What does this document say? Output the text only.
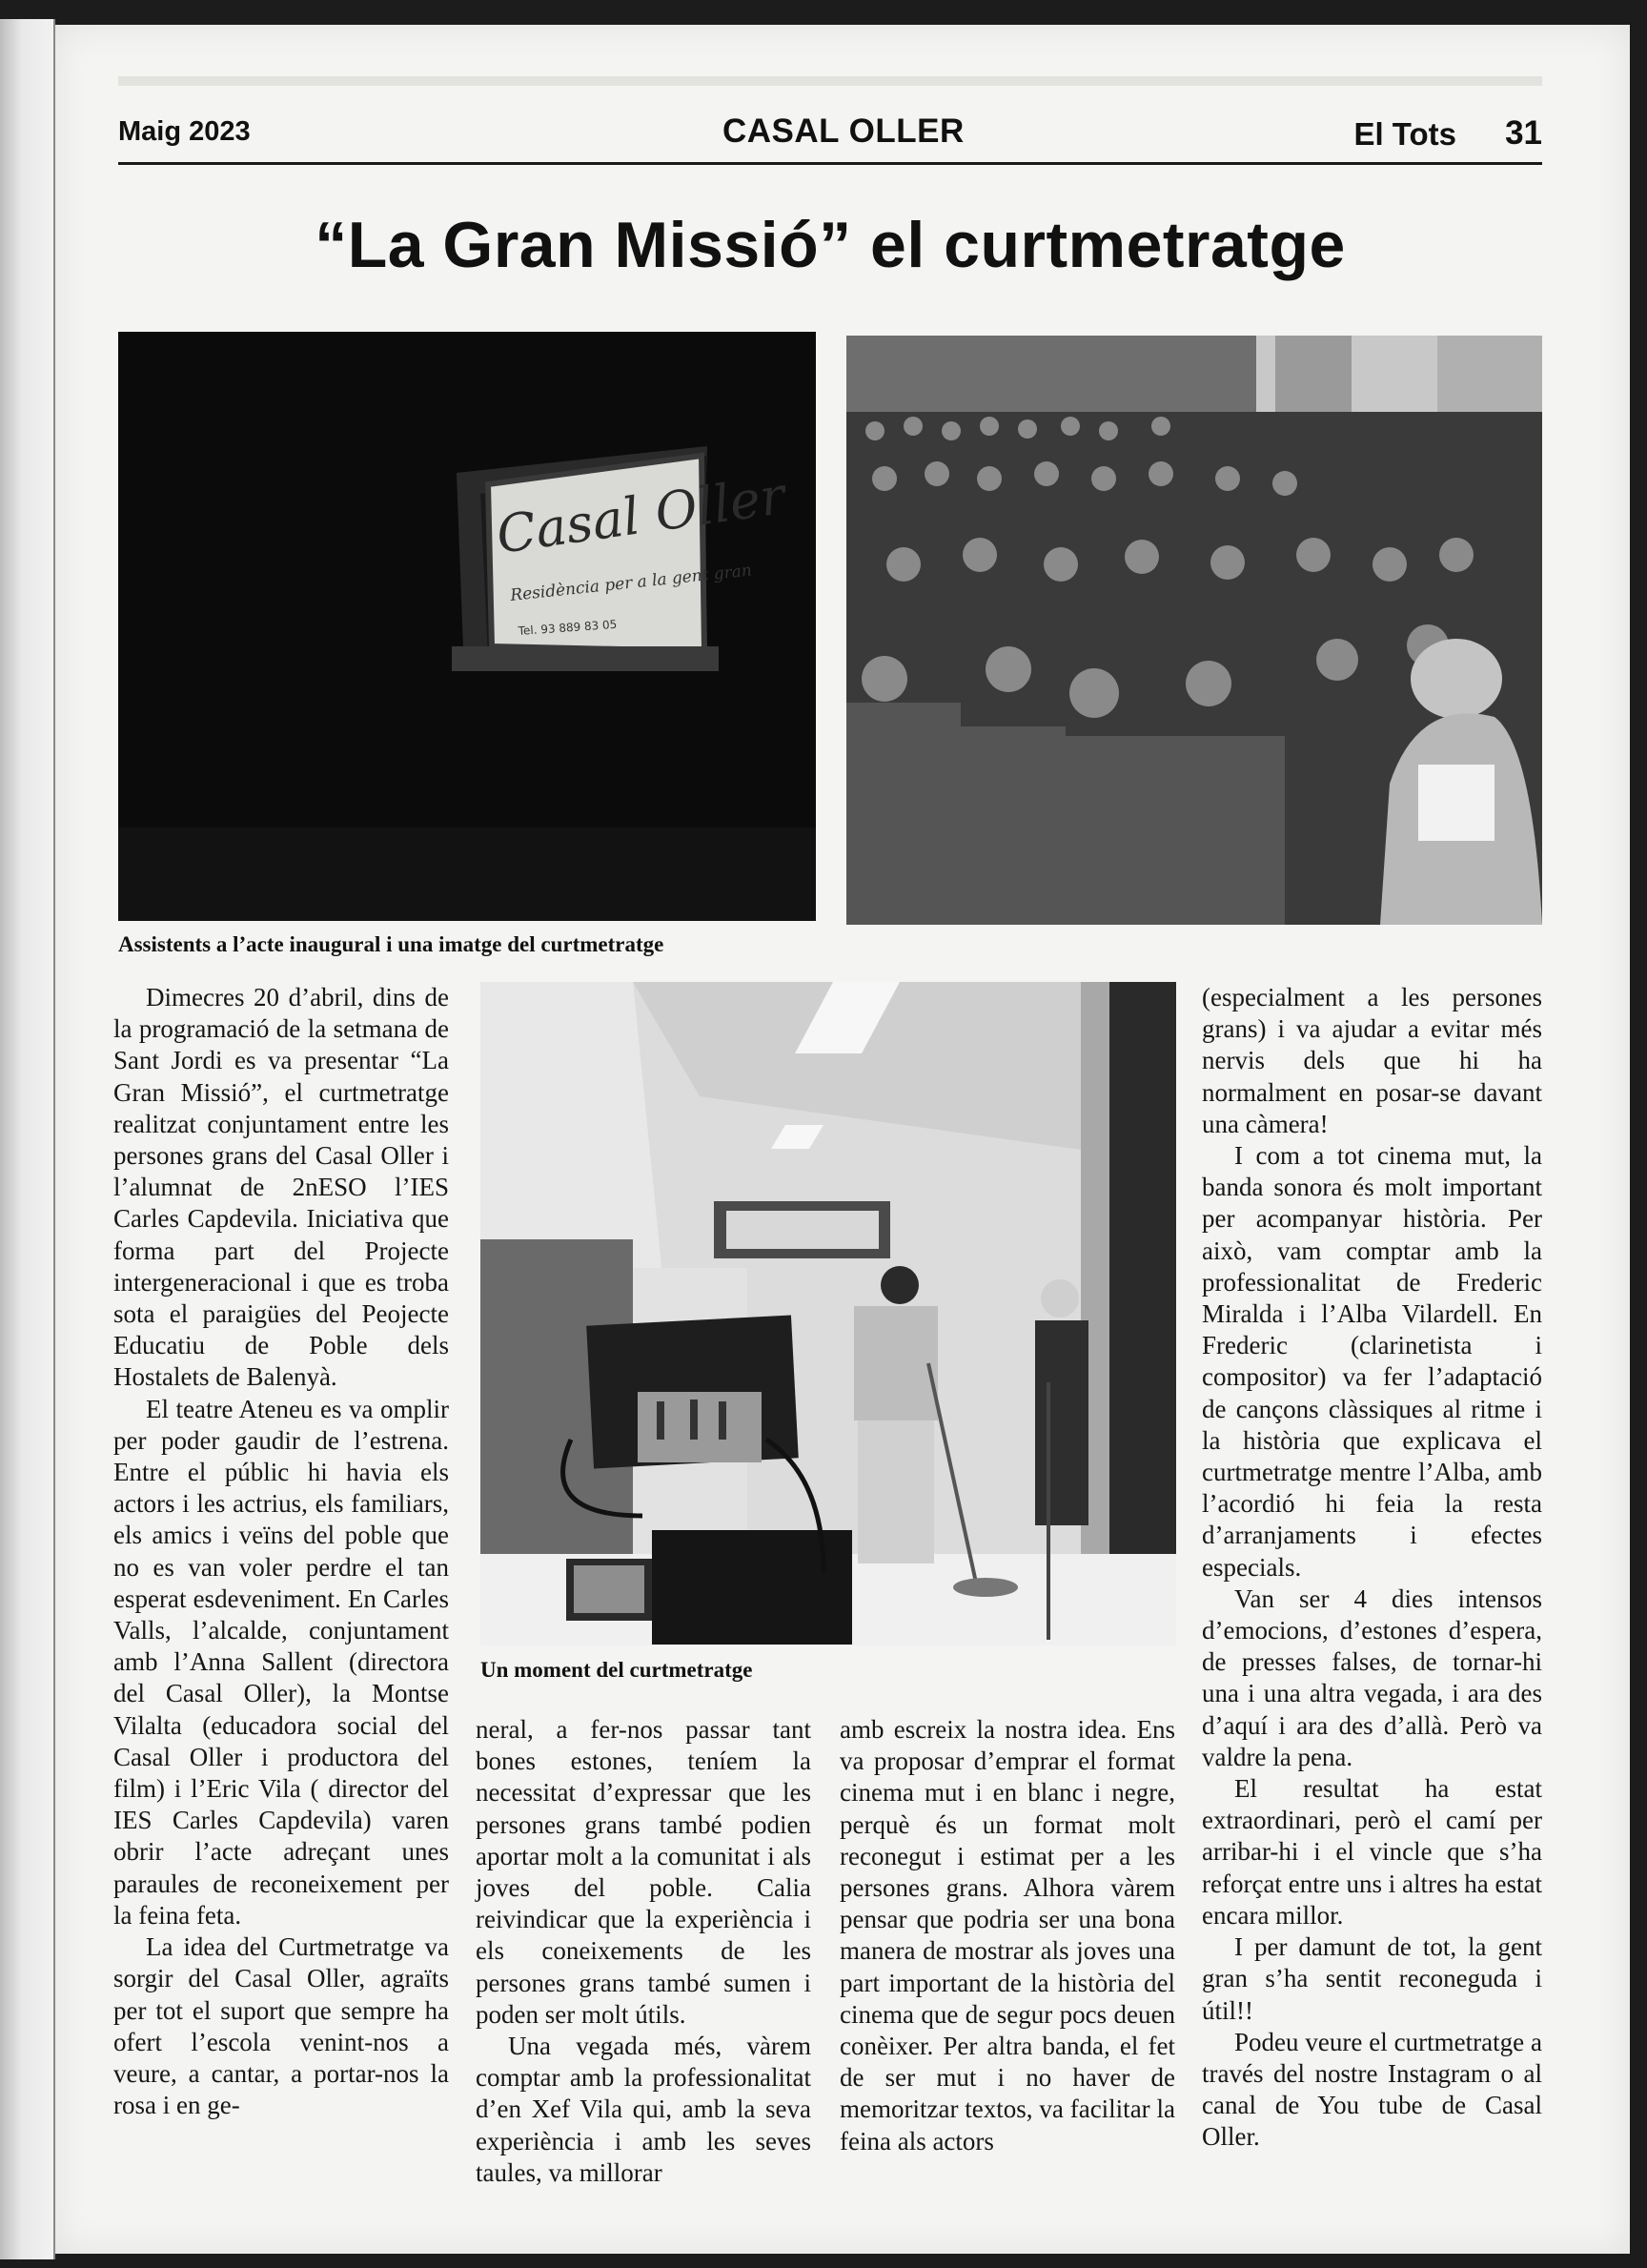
Maig 2023	CASAL OLLER	El Tots 31
“La Gran Missió” el curtmetratge
Casal Oller
Residència per a la gent gran
Tel. 93 889 83 05
Assistents a l’acte inaugural i una imatge del curtmetratge
Un moment del curtmetratge

Dimecres 20 d’abril, dins de la programació de la setmana de Sant Jordi es va presentar “La Gran Missió”, el curtmetratge realitzat conjuntament entre les persones grans del Casal Oller i l’alumnat de 2nESO l’IES Carles Capdevila. Iniciativa que forma part del Projecte intergeneracional i que es troba sota el paraigües del Peojecte Educatiu de Poble dels Hostalets de Balenyà.

El teatre Ateneu es va omplir per poder gaudir de l’estrena. Entre el públic hi havia els actors i les actrius, els familiars, els amics i veïns del poble que no es van voler perdre el tan esperat esdeveniment. En Carles Valls, l’alcalde, conjuntament amb l’Anna Sallent (directora del Casal Oller), la Montse Vilalta (educadora social del Casal Oller i productora del film) i l’Eric Vila ( director del IES Carles Capdevila) varen obrir l’acte adreçant unes paraules de reconeixement per la feina feta.

La idea del Curtmetratge va sorgir del Casal Oller, agraïts per tot el suport que sempre ha ofert l’escola venint-nos a veure, a cantar, a portar-nos la rosa i en ge-

neral, a fer-nos passar tant bones estones, teníem la necessitat d’expressar que les persones grans també podien aportar molt a la comunitat i als joves del poble. Calia reivindicar que la experiència i els coneixements de les persones grans també sumen i poden ser molt útils.

Una vegada més, vàrem comptar amb la professionalitat d’en Xef Vila qui, amb la seva experiència i amb les seves taules, va millorar

amb escreix la nostra idea. Ens va proposar d’emprar el format cinema mut i en blanc i negre, perquè és un format molt reconegut i estimat per a les persones grans. Alhora vàrem pensar que podria ser una bona manera de mostrar als joves una part important de la història del cinema que de segur pocs deuen conèixer. Per altra banda, el fet de ser mut i no haver de memoritzar textos, va facilitar la feina als actors

(especialment a les persones grans) i va ajudar a evitar més nervis dels que hi ha normalment en posar-se davant una càmera!

I com a tot cinema mut, la banda sonora és molt important per acompanyar història. Per això, vam comptar amb la professionalitat de Frederic Miralda i l’Alba Vilardell. En Frederic (clarinetista i compositor) va fer l’adaptació de cançons clàssiques al ritme i la història que explicava el curtmetratge mentre l’Alba, amb l’acordió hi feia la resta d’arranjaments i efectes especials.

Van ser 4 dies intensos d’emocions, d’estones d’espera, de presses falses, de tornar-hi una i una altra vegada, i ara des d’aquí i ara des d’allà. Però va valdre la pena.

El resultat ha estat extraordinari, però el camí per arribar-hi i el vincle que s’ha reforçat entre uns i altres ha estat encara millor.

I per damunt de tot, la gent gran s’ha sentit reconeguda i útil!!

Podeu veure el curtmetratge a través del nostre Instagram o al canal de You tube de Casal Oller.
